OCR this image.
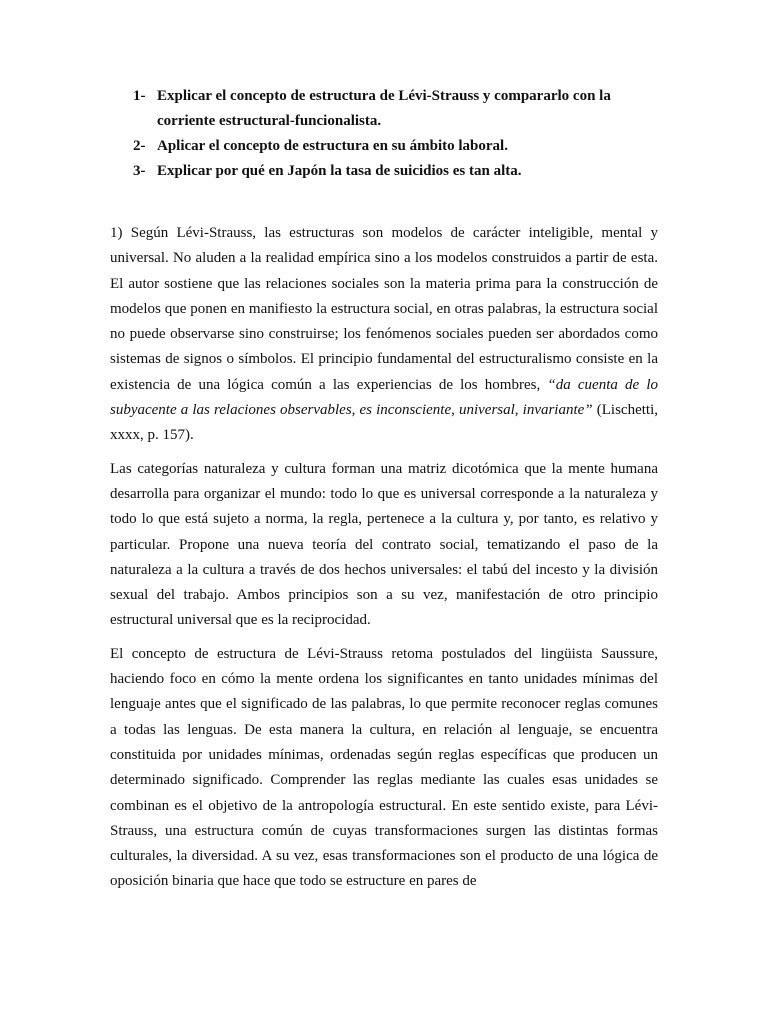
1- Explicar el concepto de estructura de Lévi-Strauss y compararlo con la corriente estructural-funcionalista.
2- Aplicar el concepto de estructura en su ámbito laboral.
3- Explicar por qué en Japón la tasa de suicidios es tan alta.

1) Según Lévi-Strauss, las estructuras son modelos de carácter inteligible, mental y universal. No aluden a la realidad empírica sino a los modelos construidos a partir de esta. El autor sostiene que las relaciones sociales son la materia prima para la construcción de modelos que ponen en manifiesto la estructura social, en otras palabras, la estructura social no puede observarse sino construirse; los fenómenos sociales pueden ser abordados como sistemas de signos o símbolos. El principio fundamental del estructuralismo consiste en la existencia de una lógica común a las experiencias de los hombres, “da cuenta de lo subyacente a las relaciones observables, es inconsciente, universal, invariante” (Lischetti, xxxx, p. 157).

Las categorías naturaleza y cultura forman una matriz dicotómica que la mente humana desarrolla para organizar el mundo: todo lo que es universal corresponde a la naturaleza y todo lo que está sujeto a norma, la regla, pertenece a la cultura y, por tanto, es relativo y particular. Propone una nueva teoría del contrato social, tematizando el paso de la naturaleza a la cultura a través de dos hechos universales: el tabú del incesto y la división sexual del trabajo. Ambos principios son a su vez, manifestación de otro principio estructural universal que es la reciprocidad.

El concepto de estructura de Lévi-Strauss retoma postulados del lingüista Saussure, haciendo foco en cómo la mente ordena los significantes en tanto unidades mínimas del lenguaje antes que el significado de las palabras, lo que permite reconocer reglas comunes a todas las lenguas. De esta manera la cultura, en relación al lenguaje, se encuentra constituida por unidades mínimas, ordenadas según reglas específicas que producen un determinado significado. Comprender las reglas mediante las cuales esas unidades se combinan es el objetivo de la antropología estructural. En este sentido existe, para Lévi-Strauss, una estructura común de cuyas transformaciones surgen las distintas formas culturales, la diversidad. A su vez, esas transformaciones son el producto de una lógica de oposición binaria que hace que todo se estructure en pares de
